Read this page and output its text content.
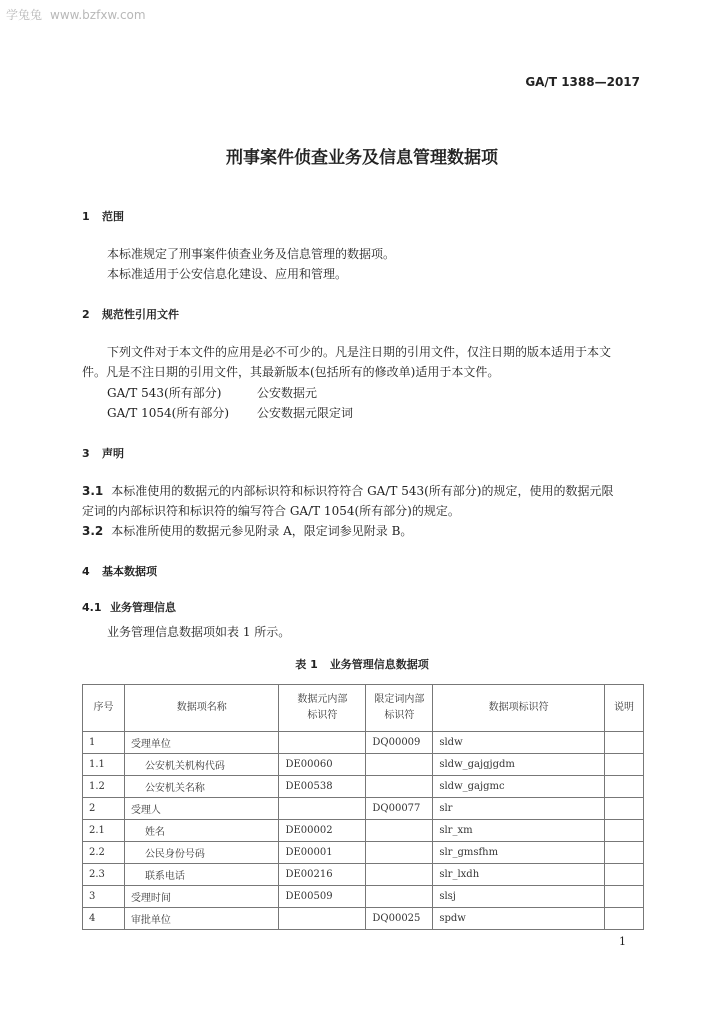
学兔兔 www.bzfxw.com
GA/T 1388—2017
刑事案件侦查业务及信息管理数据项
1 范围
本标准规定了刑事案件侦查业务及信息管理的数据项。
本标准适用于公安信息化建设、应用和管理。
2 规范性引用文件
下列文件对于本文件的应用是必不可少的。凡是注日期的引用文件，仅注日期的版本适用于本文
件。凡是不注日期的引用文件，其最新版本(包括所有的修改单)适用于本文件。
GA/T 543(所有部分)	公安数据元
GA/T 1054(所有部分) 公安数据元限定词
3 声明
3.1 本标准使用的数据元的内部标识符和标识符符合 GA/T 543(所有部分)的规定，使用的数据元限
定词的内部标识符和标识符的编写符合 GA/T 1054(所有部分)的规定。
3.2 本标准所使用的数据元参见附录 A，限定词参见附录 B。
4 基本数据项
4.1 业务管理信息
业务管理信息数据项如表 1 所示。
表 1 业务管理信息数据项
序号	数据项名称	数据元内部
标识符	限定词内部
标识符	数据项标识符	说明
1	受理单位		DQ00009	sldw	
1.1	公安机关机构代码	DE00060		sldw_gajgjgdm	
1.2	公安机关名称	DE00538		sldw_gajgmc	
2	受理人		DQ00077	slr	
2.1	姓名	DE00002		slr_xm	
2.2	公民身份号码	DE00001		slr_gmsfhm	
2.3	联系电话	DE00216		slr_lxdh	
3	受理时间	DE00509		slsj	
4	审批单位		DQ00025	spdw	
1
